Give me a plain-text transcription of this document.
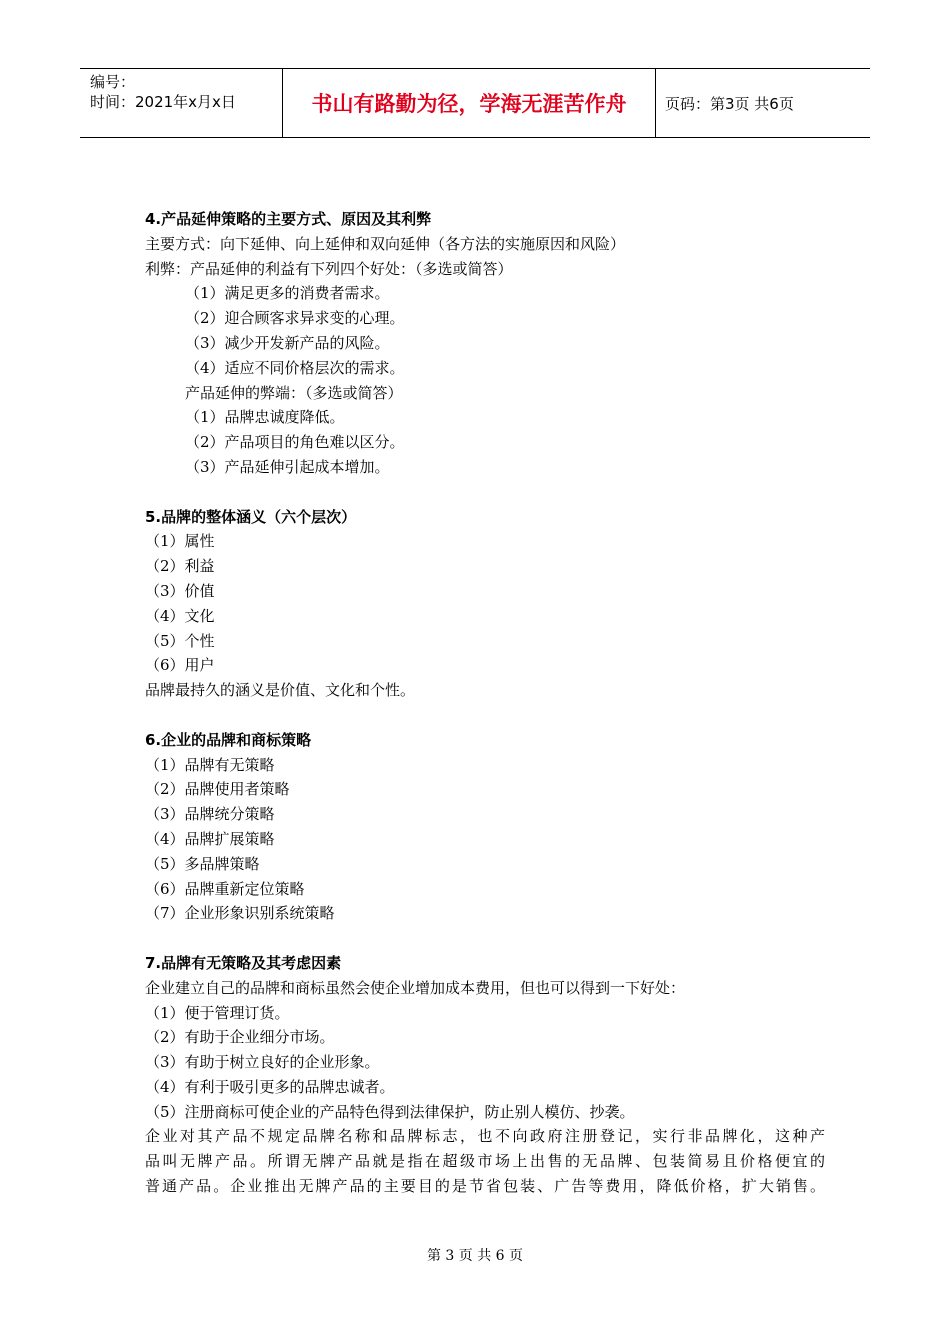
编号：
时间：2021年x月x日	书山有路勤为径，学海无涯苦作舟	页码：第3页 共6页
4.产品延伸策略的主要方式、原因及其利弊
主要方式：向下延伸、向上延伸和双向延伸（各方法的实施原因和风险）
利弊：产品延伸的利益有下列四个好处：（多选或简答）
（1）满足更多的消费者需求。
（2）迎合顾客求异求变的心理。
（3）减少开发新产品的风险。
（4）适应不同价格层次的需求。
产品延伸的弊端：（多选或简答）
（1）品牌忠诚度降低。
（2）产品项目的角色难以区分。
（3）产品延伸引起成本增加。
5.品牌的整体涵义（六个层次）
（1）属性
（2）利益
（3）价值
（4）文化
（5）个性
（6）用户
品牌最持久的涵义是价值、文化和个性。
6.企业的品牌和商标策略
（1）品牌有无策略
（2）品牌使用者策略
（3）品牌统分策略
（4）品牌扩展策略
（5）多品牌策略
（6）品牌重新定位策略
（7）企业形象识别系统策略
7.品牌有无策略及其考虑因素
企业建立自己的品牌和商标虽然会使企业增加成本费用，但也可以得到一下好处：
（1）便于管理订货。
（2）有助于企业细分市场。
（3）有助于树立良好的企业形象。
（4）有利于吸引更多的品牌忠诚者。
（5）注册商标可使企业的产品特色得到法律保护，防止别人模仿、抄袭。
企业对其产品不规定品牌名称和品牌标志，也不向政府注册登记，实行非品牌化，这种产
品叫无牌产品。所谓无牌产品就是指在超级市场上出售的无品牌、包装简易且价格便宜的
普通产品。企业推出无牌产品的主要目的是节省包装、广告等费用，降低价格，扩大销售。
第 3 页 共 6 页
